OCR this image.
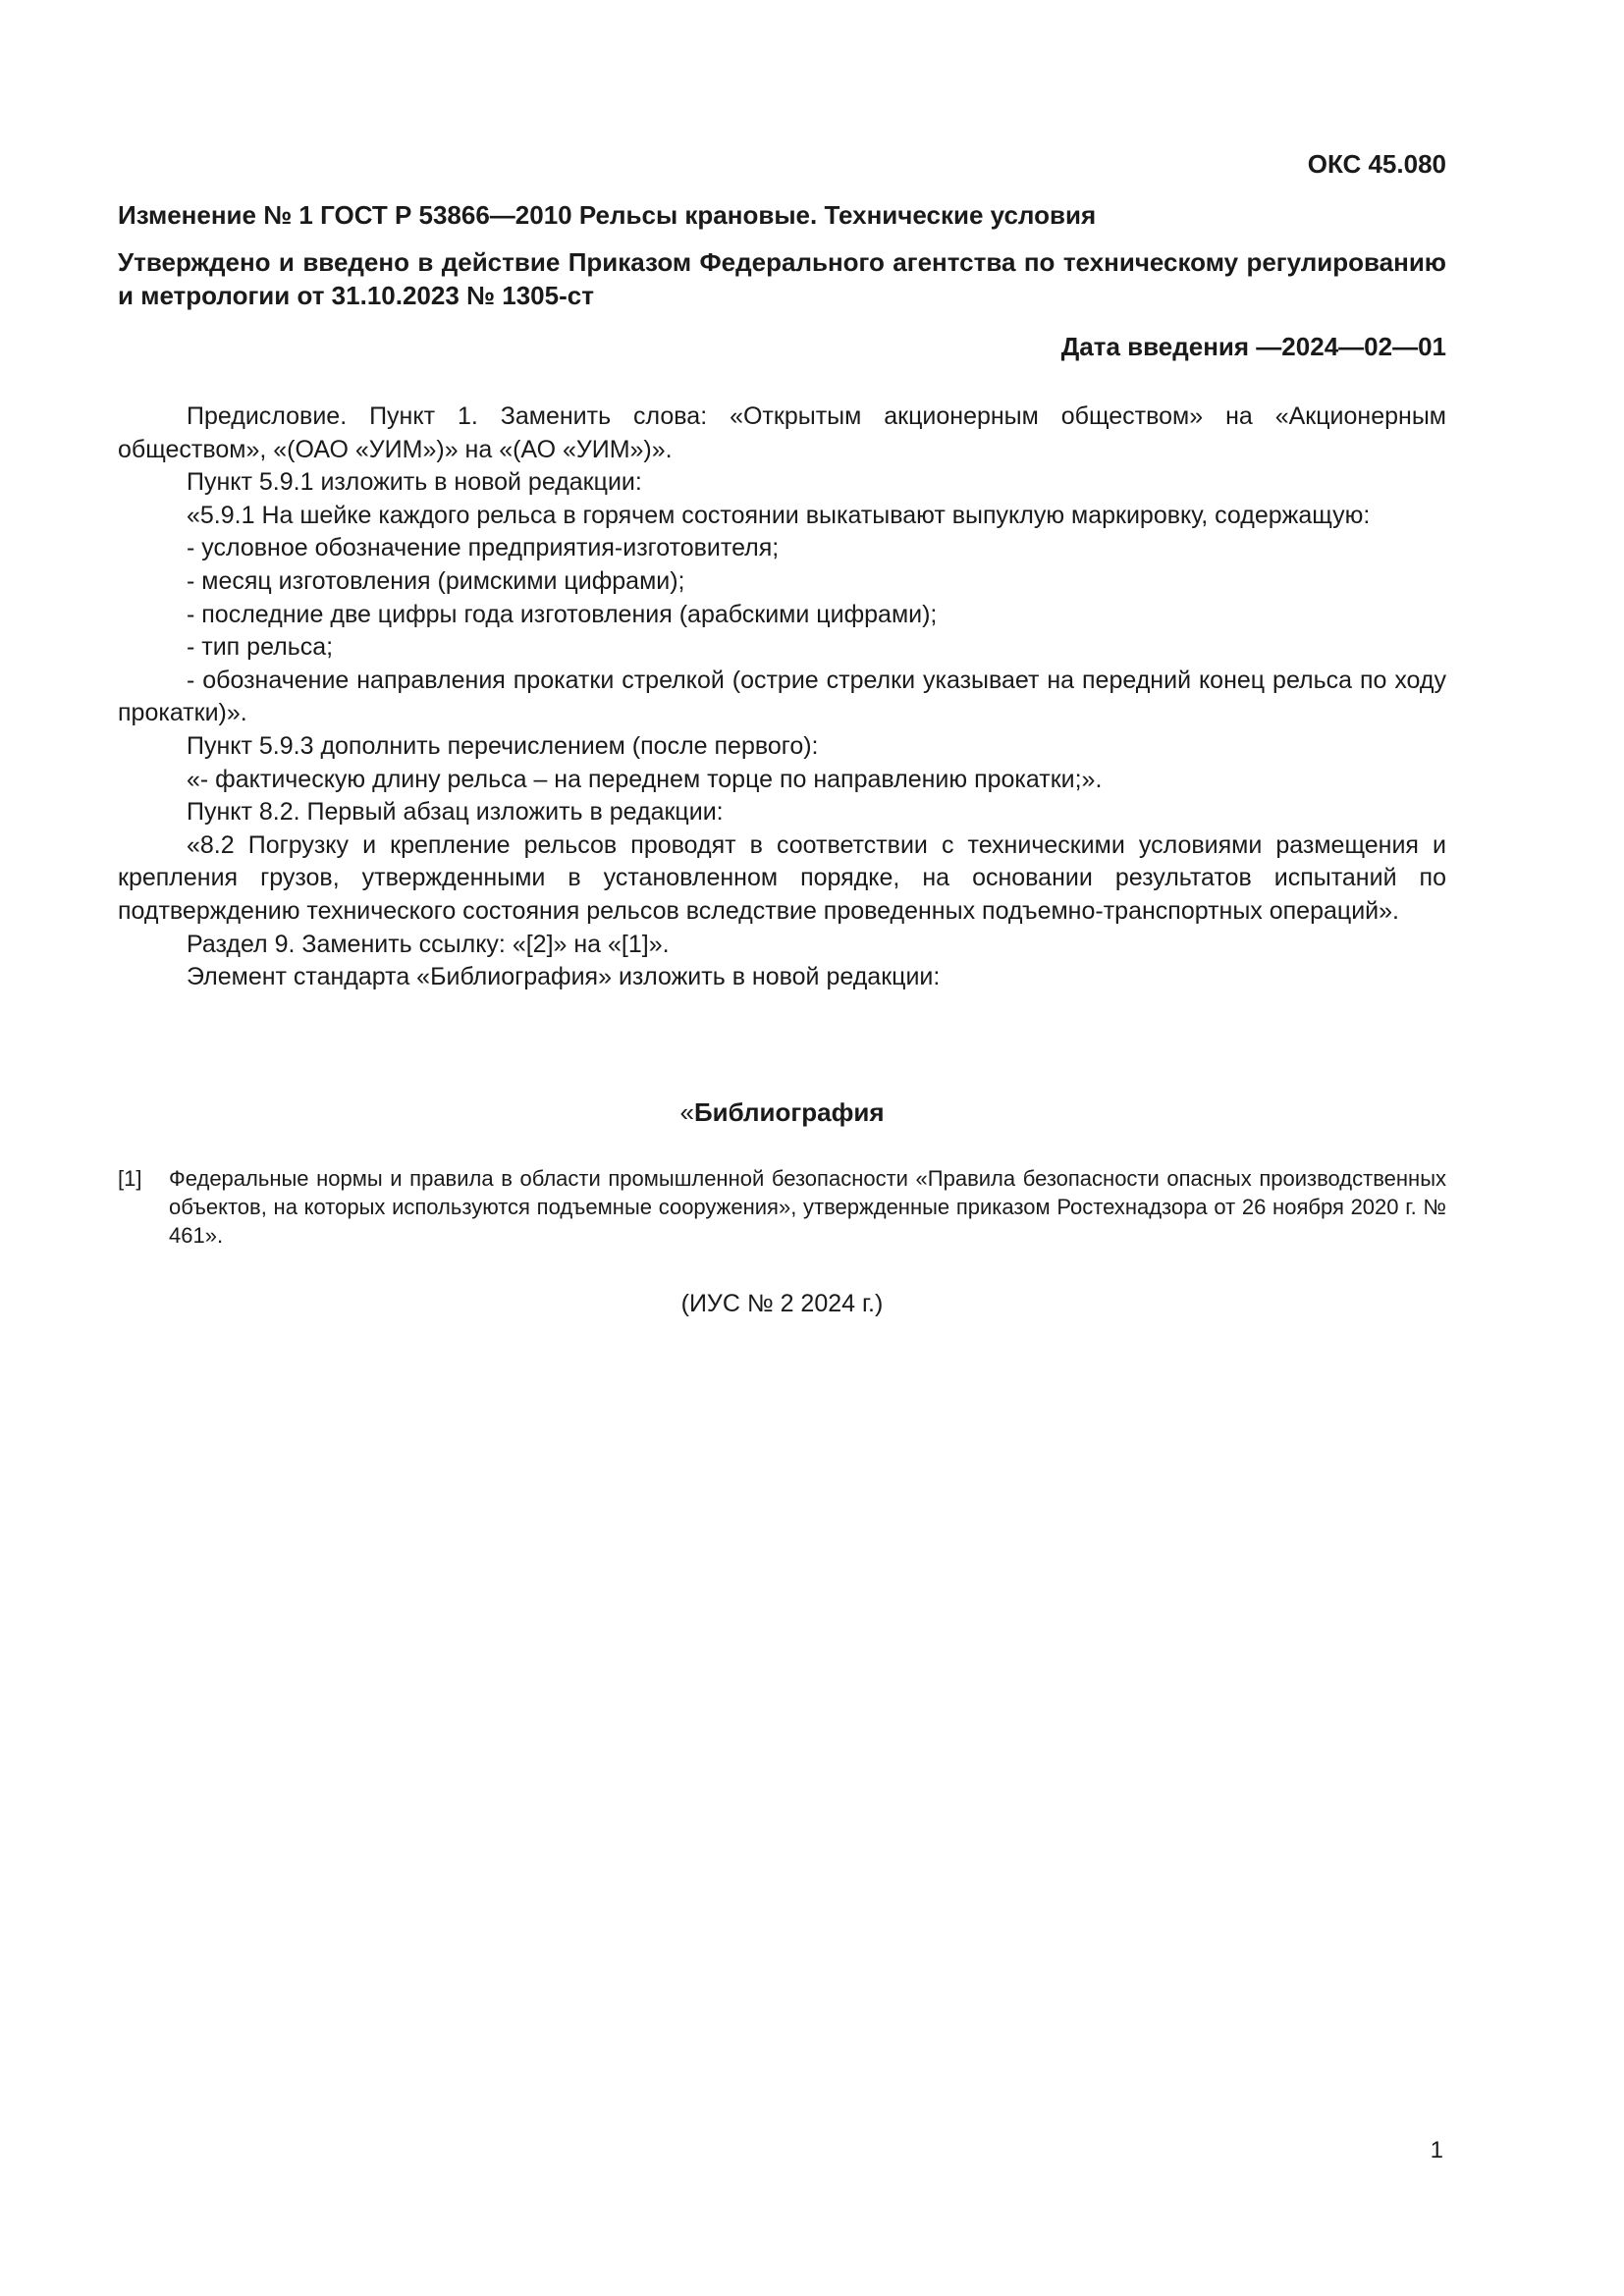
ОКС 45.080
Изменение № 1 ГОСТ Р 53866—2010 Рельсы крановые. Технические условия
Утверждено и введено в действие Приказом Федерального агентства по техническому регулированию и метрологии от 31.10.2023 № 1305-ст
Дата введения —2024—02—01

Предисловие. Пункт 1. Заменить слова: «Открытым акционерным обществом» на «Акционерным обществом», «(ОАО «УИМ»)» на «(АО «УИМ»)».

Пункт 5.9.1 изложить в новой редакции:

«5.9.1 На шейке каждого рельса в горячем состоянии выкатывают выпуклую маркировку, содержащую:

- условное обозначение предприятия-изготовителя;

- месяц изготовления (римскими цифрами);

- последние две цифры года изготовления (арабскими цифрами);

- тип рельса;

- обозначение направления прокатки стрелкой (острие стрелки указывает на передний конец рельса по ходу прокатки)».

Пункт 5.9.3 дополнить перечислением (после первого):

«- фактическую длину рельса – на переднем торце по направлению прокатки;».

Пункт 8.2. Первый абзац изложить в редакции:

«8.2 Погрузку и крепление рельсов проводят в соответствии с техническими условиями размещения и крепления грузов, утвержденными в установленном порядке, на основании результатов испытаний по подтверждению технического состояния рельсов вследствие проведенных подъемно-транспортных операций».

Раздел 9. Заменить ссылку: «[2]» на «[1]».

Элемент стандарта «Библиография» изложить в новой редакции:

«Библиография
[1] Федеральные нормы и правила в области промышленной безопасности «Правила безопасности опасных производственных объектов, на которых используются подъемные сооружения», утвержденные приказом Ростехнадзора от 26 ноября 2020 г. № 461».
(ИУС № 2 2024 г.)
1
